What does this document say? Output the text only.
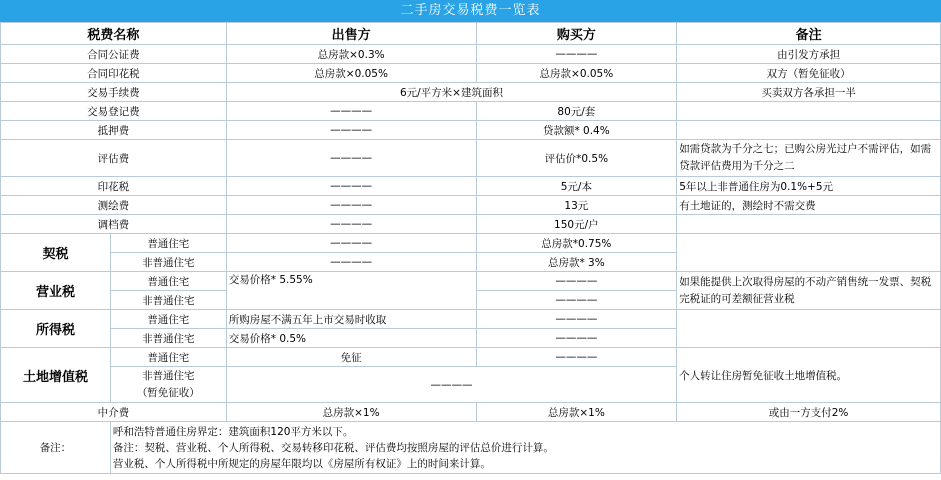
二手房交易税费一览表
税费名称		出售方	购买方	备注
合同公证费		总房款×0.3%	————	由引发方承担
合同印花税		总房款×0.05%	总房款×0.05%	双方（暂免征收）
交易手续费		6元/平方米×建筑面积		买卖双方各承担一半
交易登记费		————	80元/套	
抵押费		————	贷款额* 0.4%	
评估费		————	评估价*0.5%	如需贷款为千分之七；已购公房光过户不需评估，如需贷款评估费用为千分之二
印花税		————	5元/本	5年以上非普通住房为0.1%+5元
测绘费		————	13元	有土地证的，测绘时不需交费
调档费		————	150元/户	
契税	普通住宅	————	总房款*0.75%	
	非普通住宅	————	总房款* 3%	
营业税	普通住宅	交易价格* 5.55%	————	如果能提供上次取得房屋的不动产销售统一发票、契税完税证的可差额征营业税
	非普通住宅		————	
所得税	普通住宅	所购房屋不满五年上市交易时收取	————	
	非普通住宅	交易价格* 0.5%	————	
土地增值税	普通住宅	免征	————	个人转让住房暂免征收土地增值税。
	非普通住宅
（暂免征收）	————		
中介费		总房款×1%	总房款×1%	或由一方支付2%
备注：	呼和浩特普通住房界定：建筑面积120平方米以下。
备注：契税、营业税、个人所得税、交易转移印花税、评估费均按照房屋的评估总价进行计算。
营业税、个人所得税中所规定的房屋年限均以《房屋所有权证》上的时间来计算。			
